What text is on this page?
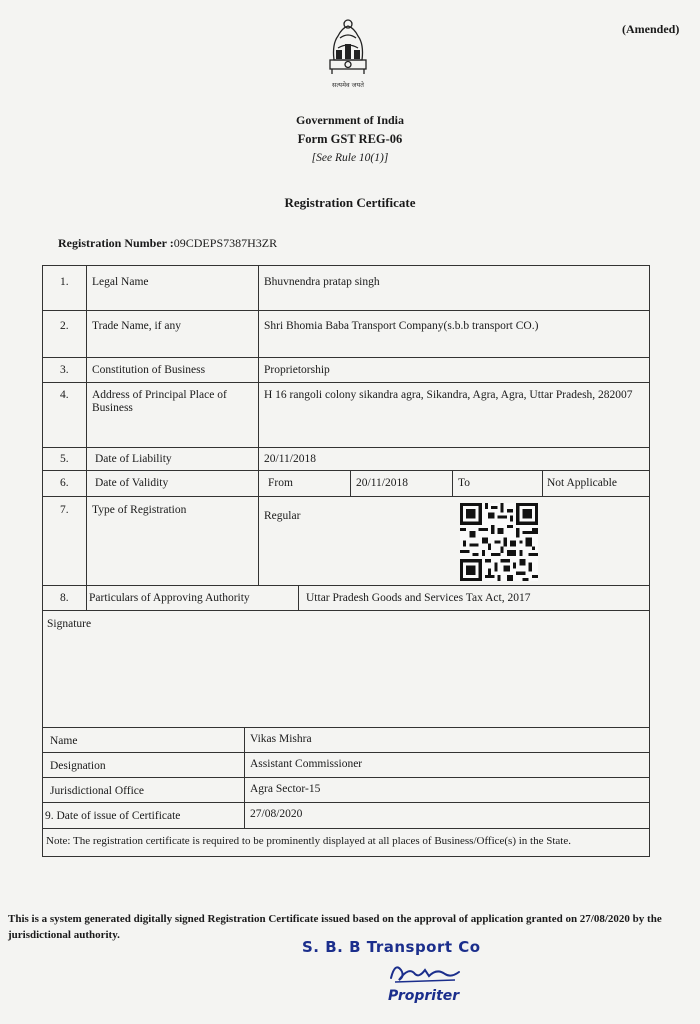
(Amended)
सत्यमेव जयते
Government of India
Form GST REG-06
[See Rule 10(1)]
Registration Certificate
Registration Number :09CDEPS7387H3ZR
1. Legal Name	Bhuvnendra pratap singh
2. Trade Name, if any	Shri Bhomia Baba Transport Company(s.b.b transport CO.)
3. Constitution of Business	Proprietorship
4. Address of Principal Place of Business
H 16 rangoli colony sikandra agra, Sikandra, Agra, Agra, Uttar Pradesh, 282007
5. Date of Liability	20/11/2018
6. Date of Validity	From	20/11/2018	To	Not Applicable
7. Type of Registration	Regular
8. Particulars of Approving Authority	Uttar Pradesh Goods and Services Tax Act, 2017
Signature
Name	Vikas Mishra
Designation	Assistant Commissioner
Jurisdictional Office	Agra Sector-15
9. Date of issue of Certificate	27/08/2020
Note: The registration certificate is required to be prominently displayed at all places of Business/Office(s) in the State.
This is a system generated digitally signed Registration Certificate issued based on the approval of application granted on 27/08/2020 by the jurisdictional authority.
S. B. B Transport Co
Propriter
